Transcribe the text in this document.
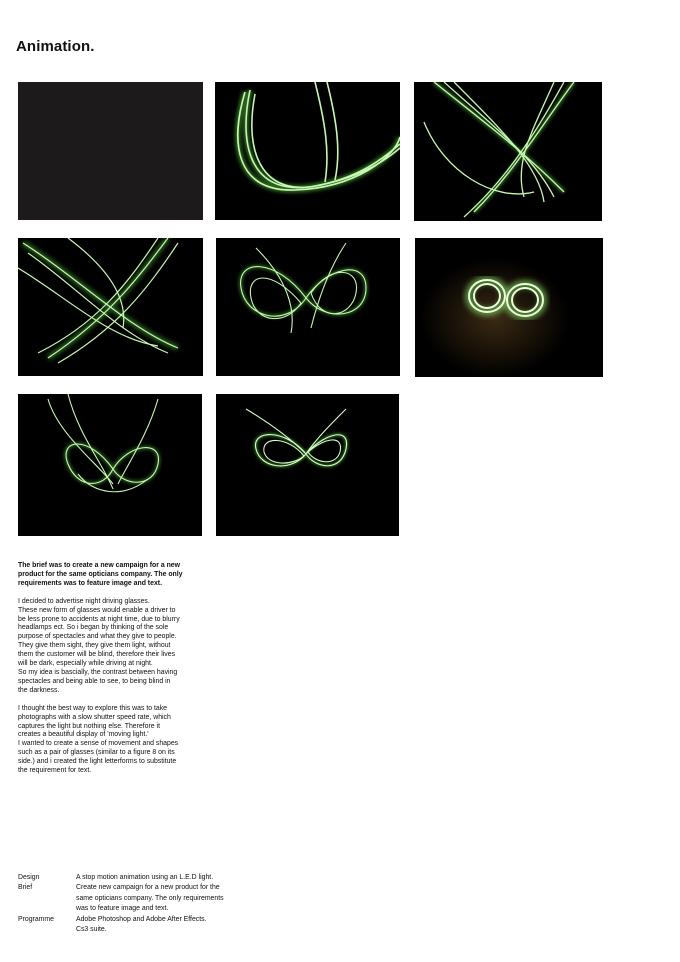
Animation.

The brief was to create a new campaign for a new
product for the same opticians company. The only
requirements was to feature image and text.

I decided to advertise night driving glasses.
These new form of glasses would enable a driver to
be less prone to accidents at night time, due to blurry
headlamps ect. So i began by thinking of the sole
purpose of spectacles and what they give to people.
They give them sight, they give them light, without
them the customer will be blind, therefore their lives
will be dark, especially while driving at night.
So my idea is bascially, the contrast between having
spectacles and being able to see, to being blind in
the darkness.

I thought the best way to explore this was to take
photographs with a slow shutter speed rate, which
captures the light but nothing else. Therefore it
creates a beautiful display of 'moving light.'
I wanted to create a sense of movement and shapes
such as a pair of glasses (similar to a figure 8 on its
side.) and i created the light letterforms to substitute
the requirement for text.

Design	A stop motion animation using an L.E.D light.
Brief	Create new campaign for a new product for the
same opticians company. The only requirements
was to feature image and text.
Programme	Adobe Photoshop and Adobe After Effects.
Cs3 suite.
